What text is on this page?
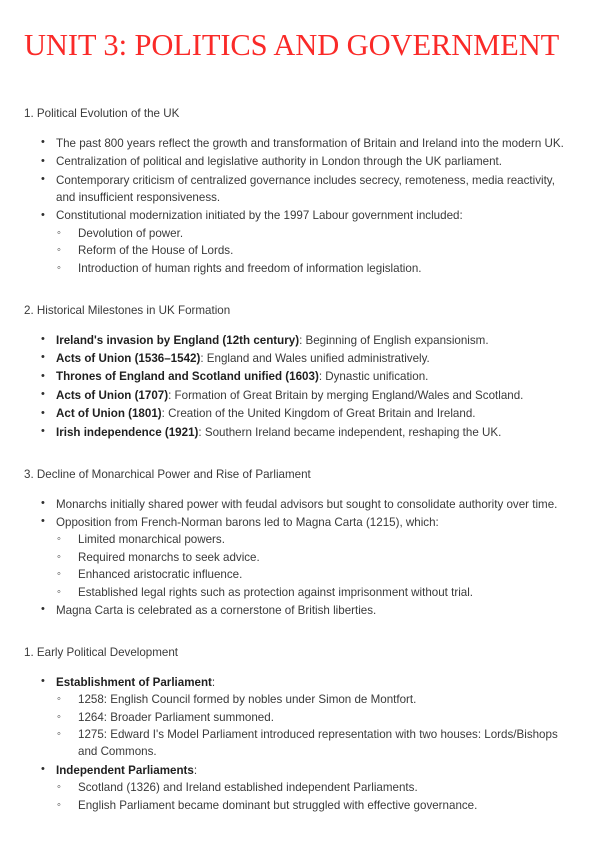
UNIT 3: POLITICS AND GOVERNMENT

1. Political Evolution of the UK

• The past 800 years reflect the growth and transformation of Britain and Ireland into the modern UK.
• Centralization of political and legislative authority in London through the UK parliament.
• Contemporary criticism of centralized governance includes secrecy, remoteness, media reactivity, and insufficient responsiveness.
• Constitutional modernization initiated by the 1997 Labour government included:
◦ Devolution of power.
◦ Reform of the House of Lords.
◦ Introduction of human rights and freedom of information legislation.

2. Historical Milestones in UK Formation

• Ireland's invasion by England (12th century): Beginning of English expansionism.
• Acts of Union (1536–1542): England and Wales unified administratively.
• Thrones of England and Scotland unified (1603): Dynastic unification.
• Acts of Union (1707): Formation of Great Britain by merging England/Wales and Scotland.
• Act of Union (1801): Creation of the United Kingdom of Great Britain and Ireland.
• Irish independence (1921): Southern Ireland became independent, reshaping the UK.

3. Decline of Monarchical Power and Rise of Parliament

• Monarchs initially shared power with feudal advisors but sought to consolidate authority over time.
• Opposition from French-Norman barons led to Magna Carta (1215), which:
◦ Limited monarchical powers.
◦ Required monarchs to seek advice.
◦ Enhanced aristocratic influence.
◦ Established legal rights such as protection against imprisonment without trial.
• Magna Carta is celebrated as a cornerstone of British liberties.

1. Early Political Development

• Establishment of Parliament:
◦ 1258: English Council formed by nobles under Simon de Montfort.
◦ 1264: Broader Parliament summoned.
◦ 1275: Edward I's Model Parliament introduced representation with two houses: Lords/Bishops and Commons.
• Independent Parliaments:
◦ Scotland (1326) and Ireland established independent Parliaments.
◦ English Parliament became dominant but struggled with effective governance.
